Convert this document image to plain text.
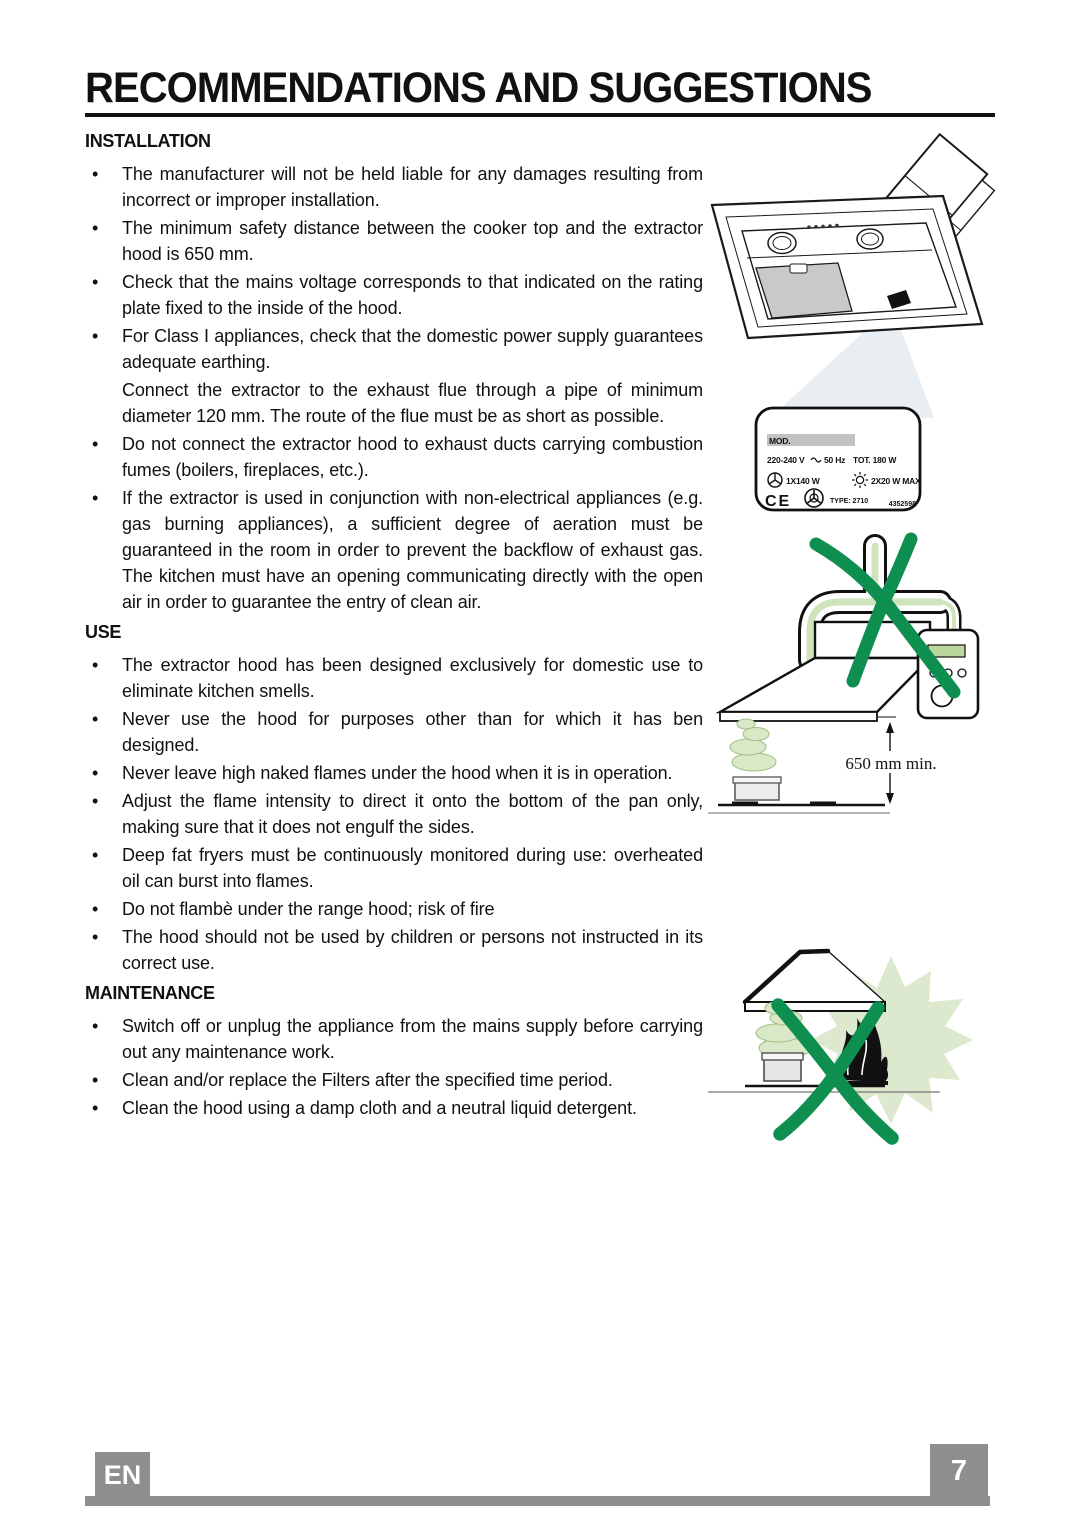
RECOMMENDATIONS AND SUGGESTIONS
INSTALLATION
•	The manufacturer will not be held liable for any damages resulting from incorrect or improper installation.
•	The minimum safety distance between the cooker top and the extractor hood is 650 mm.
•	Check that the mains voltage corresponds to that indicated on the rating plate fixed to the inside of the hood.
•	For Class I appliances, check that the domestic power supply guarantees adequate earthing.
Connect the extractor to the exhaust flue through a pipe of minimum diameter 120 mm. The route of the flue must be as short as possible.
•	Do not connect the extractor hood to exhaust ducts carrying combustion fumes (boilers, fireplaces, etc.).
•	If the extractor is used in conjunction with non-electrical appliances (e.g. gas burning appliances), a sufficient degree of aeration must be guaranteed in the room in order to prevent the backflow of exhaust gas. The kitchen must have an opening communicating directly with the open air in order to guarantee the entry of clean air.
USE
•	The extractor hood has been designed exclusively for domestic use to eliminate kitchen smells.
•	Never use the hood for purposes other than for which it has ben designed.
•	Never leave high naked flames under the hood when it is in operation.
•	Adjust the flame intensity to direct it onto the bottom of the pan only, making sure that it does not engulf the sides.
•	Deep fat fryers must be continuously monitored during use: overheated oil can burst into flames.
•	Do not flambè under the range hood; risk of fire
•	The hood should not be used by children or persons not instructed in its correct use.
MAINTENANCE
•	Switch off or unplug the appliance from the mains supply before carrying out any maintenance work.
•	Clean and/or replace the Filters after the specified time period.
•	Clean the hood using a damp cloth and a neutral liquid detergent.
MOD.
220-240 V 50 Hz TOT. 180 W
1X140 W	2X20 W MAX
CE	TYPE: 2710	4352598
650 mm min.
EN	7
